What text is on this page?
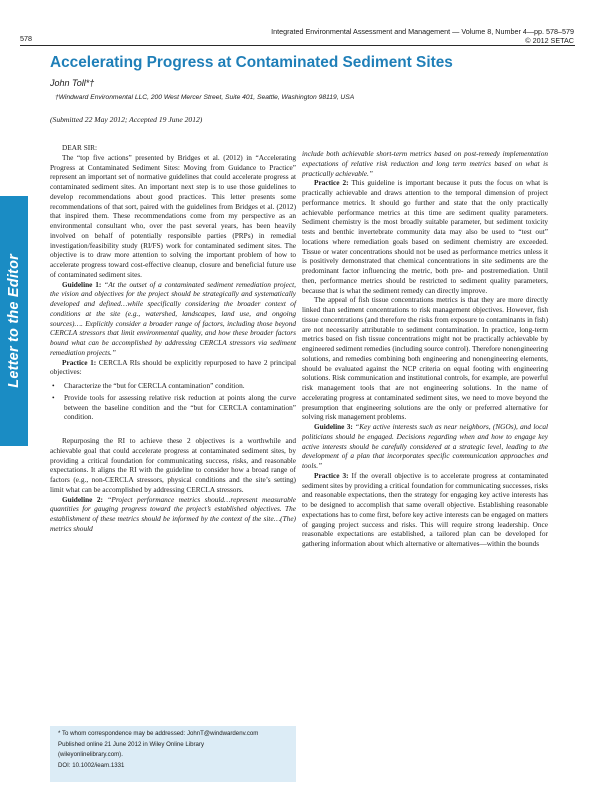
578
Integrated Environmental Assessment and Management — Volume 8, Number 4—pp. 578–579
© 2012 SETAC
Letter to the Editor
Accelerating Progress at Contaminated Sediment Sites
John Toll*†
†Windward Environmental LLC, 200 West Mercer Street, Suite 401, Seattle, Washington 98119, USA
(Submitted 22 May 2012; Accepted 19 June 2012)

DEAR SIR:

The “top five actions” presented by Bridges et al. (2012) in “Accelerating Progress at Contaminated Sediment Sites: Moving from Guidance to Practice” represent an important set of normative guidelines that could accelerate progress at contaminated sediment sites. An important next step is to use those guidelines to develop recommendations about good practices. This letter presents some recommendations of that sort, paired with the guidelines from Bridges et al. (2012) that inspired them. These recommendations come from my perspective as an environmental consultant who, over the past several years, has been heavily involved on behalf of potentially responsible parties (PRPs) in remedial investigation/feasibility study (RI/FS) work for contaminated sediment sites. The objective is to draw more attention to solving the important problem of how to accelerate progress toward cost-effective cleanup, closure and beneficial future use of contaminated sediment sites.

Guideline 1: “At the outset of a contaminated sediment remediation project, the vision and objectives for the project should be strategically and systematically developed and defined…while specifically considering the broader context of conditions at the site (e.g., watershed, landscapes, land use, and ongoing sources)…. Explicitly consider a broader range of factors, including those beyond CERCLA stressors that limit environmental quality, and how these broader factors bound what can be accomplished by addressing CERCLA stressors via sediment remediation projects.”

Practice 1: CERCLA RIs should be explicitly repurposed to have 2 principal objectives:

• Characterize the “but for CERCLA contamination” condition.
• Provide tools for assessing relative risk reduction at points along the curve between the baseline condition and the “but for CERCLA contamination” condition.

Repurposing the RI to achieve these 2 objectives is a worthwhile and achievable goal that could accelerate progress at contaminated sediment sites, by providing a critical foundation for communicating success, risks, and reasonable expectations. It aligns the RI with the guideline to consider how a broad range of factors (e.g., non-CERCLA stressors, physical conditions and the site’s setting) limit what can be accomplished by addressing CERCLA stressors.

Guideline 2: “Project performance metrics should…represent measurable quantities for gauging progress toward the project’s established objectives. The establishment of these metrics should be informed by the context of the site…(The) metrics should

include both achievable short-term metrics based on post-remedy implementation expectations of relative risk reduction and long term metrics based on what is practically achievable.”

Practice 2: This guideline is important because it puts the focus on what is practically achievable and draws attention to the temporal dimension of project performance metrics. It should go further and state that the only practically achievable performance metrics at this time are sediment quality parameters. Sediment chemistry is the most broadly suitable parameter, but sediment toxicity tests and benthic invertebrate community data may also be used to “test out” locations where remediation goals based on sediment chemistry are exceeded. Tissue or water concentrations should not be used as performance metrics unless it is positively demonstrated that chemical concentrations in site sediments are the predominant factor influencing the metric, both pre- and postremediation. Until then, performance metrics should be restricted to sediment quality parameters, because that is what the sediment remedy can directly improve.

The appeal of fish tissue concentrations metrics is that they are more directly linked than sediment concentrations to risk management objectives. However, fish tissue concentrations (and therefore the risks from exposure to contaminants in fish) are not necessarily attributable to sediment contamination. In practice, long-term metrics based on fish tissue concentrations might not be practically achievable by engineered sediment remedies (including source control). Therefore nonengineering solutions, and remedies combining both engineering and nonengineering elements, should be evaluated against the NCP criteria on equal footing with engineering solutions. Risk communication and institutional controls, for example, are powerful risk management tools that are not engineering solutions. In the name of accelerating progress at contaminated sediment sites, we need to move beyond the presumption that engineering solutions are the only or preferred alternative for solving risk management problems.

Guideline 3: “Key active interests such as near neighbors, (NGOs), and local politicians should be engaged. Decisions regarding when and how to engage key active interests should be carefully considered at a strategic level, leading to the development of a plan that incorporates specific communication approaches and tools.”

Practice 3: If the overall objective is to accelerate progress at contaminated sediment sites by providing a critical foundation for communicating successes, risks and reasonable expectations, then the strategy for engaging key active interests has to be designed to accomplish that same overall objective. Establishing reasonable expectations has to come first, before key active interests can be engaged on matters of gauging project success and risks. This will require strong leadership. Once reasonable expectations are established, a tailored plan can be developed for gathering information about which alternative or alternatives—within the bounds

* To whom correspondence may be addressed: JohnT@windwardenv.com
Published online 21 June 2012 in Wiley Online Library
(wileyonlinelibrary.com).
DOI: 10.1002/ieam.1331
